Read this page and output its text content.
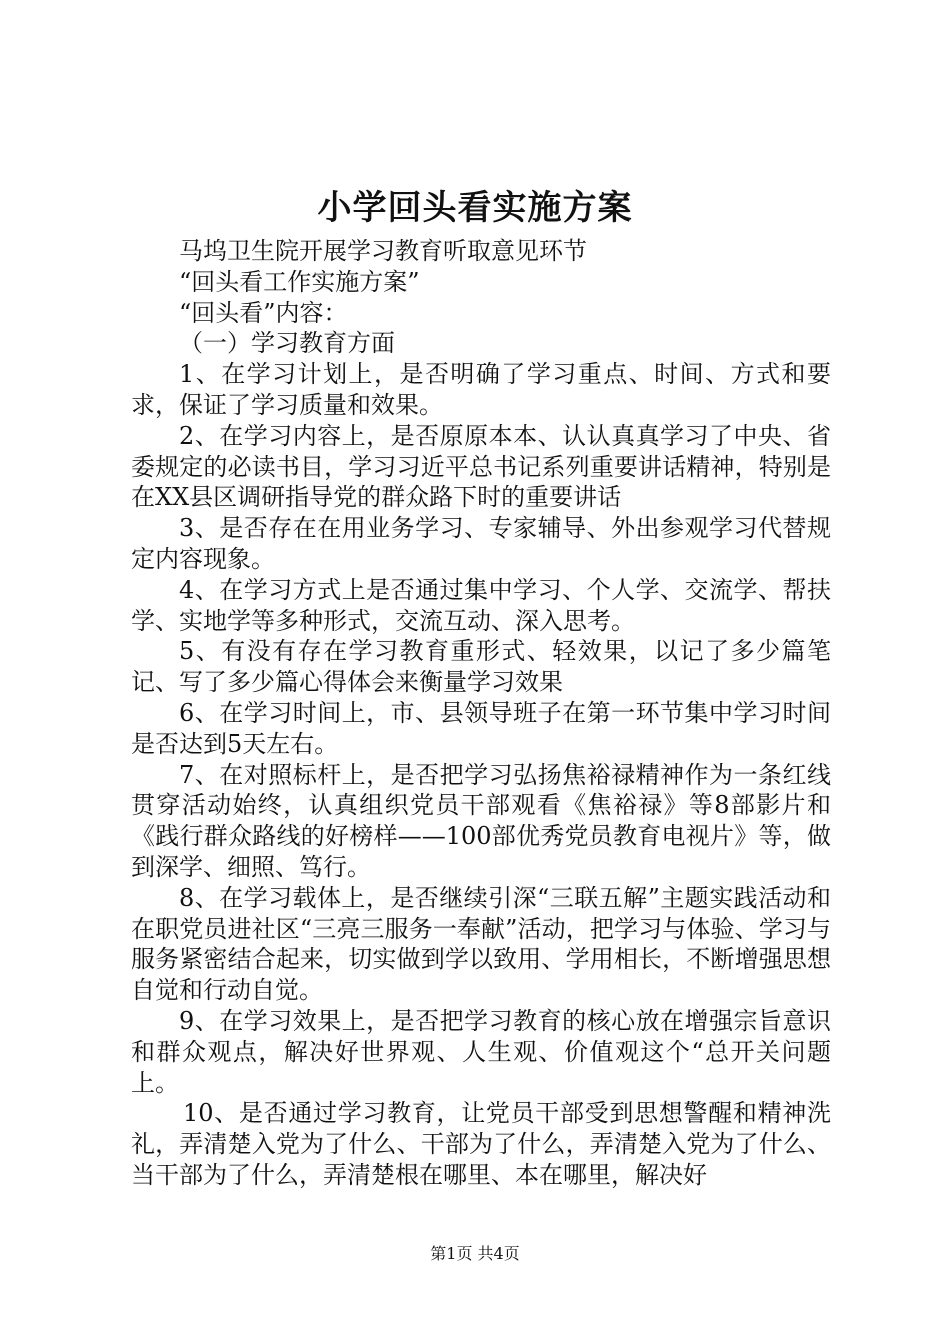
小学回头看实施方案
马坞卫生院开展学习教育听取意见环节
“回头看工作实施方案”
“回头看”内容：
（一）学习教育方面
1、在学习计划上，是否明确了学习重点、时间、方式和要求，保证了学习质量和效果。
2、在学习内容上，是否原原本本、认认真真学习了中央、省委规定的必读书目，学习习近平总书记系列重要讲话精神，特别是在XX县区调研指导党的群众路下时的重要讲话
3、是否存在在用业务学习、专家辅导、外出参观学习代替规定内容现象。
4、在学习方式上是否通过集中学习、个人学、交流学、帮扶学、实地学等多种形式，交流互动、深入思考。
5、有没有存在学习教育重形式、轻效果，以记了多少篇笔记、写了多少篇心得体会来衡量学习效果
6、在学习时间上，市、县领导班子在第一环节集中学习时间是否达到5天左右。
7、在对照标杆上，是否把学习弘扬焦裕禄精神作为一条红线贯穿活动始终，认真组织党员干部观看《焦裕禄》等8部影片和《践行群众路线的好榜样——100部优秀党员教育电视片》等，做到深学、细照、笃行。
8、在学习载体上，是否继续引深“三联五解”主题实践活动和在职党员进社区“三亮三服务一奉献”活动，把学习与体验、学习与服务紧密结合起来，切实做到学以致用、学用相长，不断增强思想自觉和行动自觉。
9、在学习效果上，是否把学习教育的核心放在增强宗旨意识和群众观点，解决好世界观、人生观、价值观这个“总开关问题上。
10、是否通过学习教育，让党员干部受到思想警醒和精神洗礼，弄清楚入党为了什么、干部为了什么，弄清楚入党为了什么、当干部为了什么，弄清楚根在哪里、本在哪里，解决好
第1页 共4页
